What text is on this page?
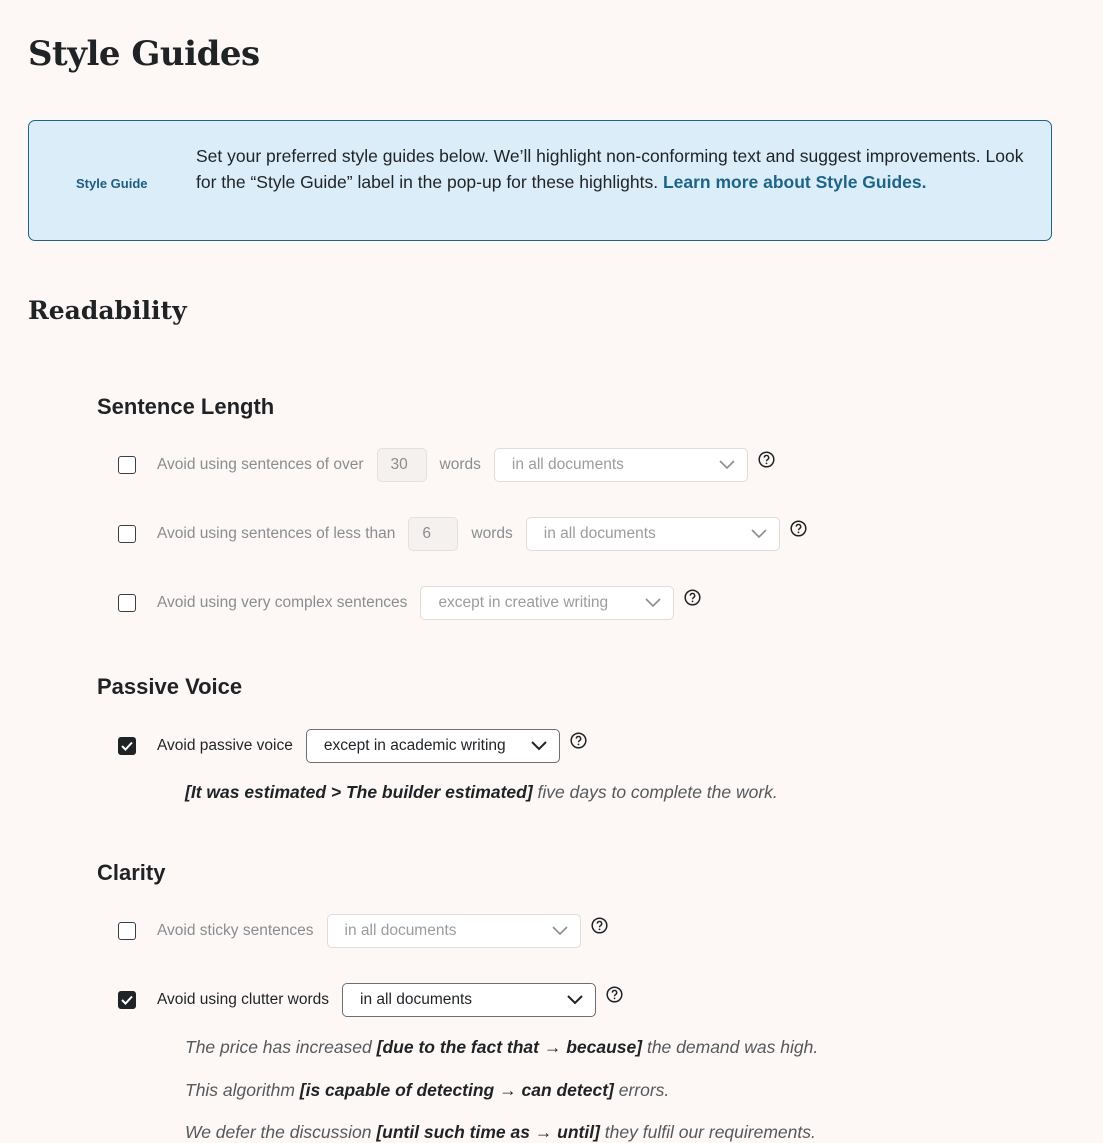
Style Guides
Style Guide
Set your preferred style guides below. We’ll highlight non-conforming text and suggest improvements. Look for the “Style Guide” label in the pop-up for these highlights. Learn more about Style Guides.
Readability
Sentence Length
Avoid using sentences of over	30	words in all documents
Avoid using sentences of less than	6	words in all documents
Avoid using very complex sentences except in creative writing
Passive Voice
Avoid passive voice except in academic writing
[It was estimated > The builder estimated] five days to complete the work.
Clarity
Avoid sticky sentences in all documents
Avoid using clutter words in all documents
The price has increased [due to the fact that → because] the demand was high.
This algorithm [is capable of detecting → can detect] errors.
We defer the discussion [until such time as → until] they fulfil our requirements.
